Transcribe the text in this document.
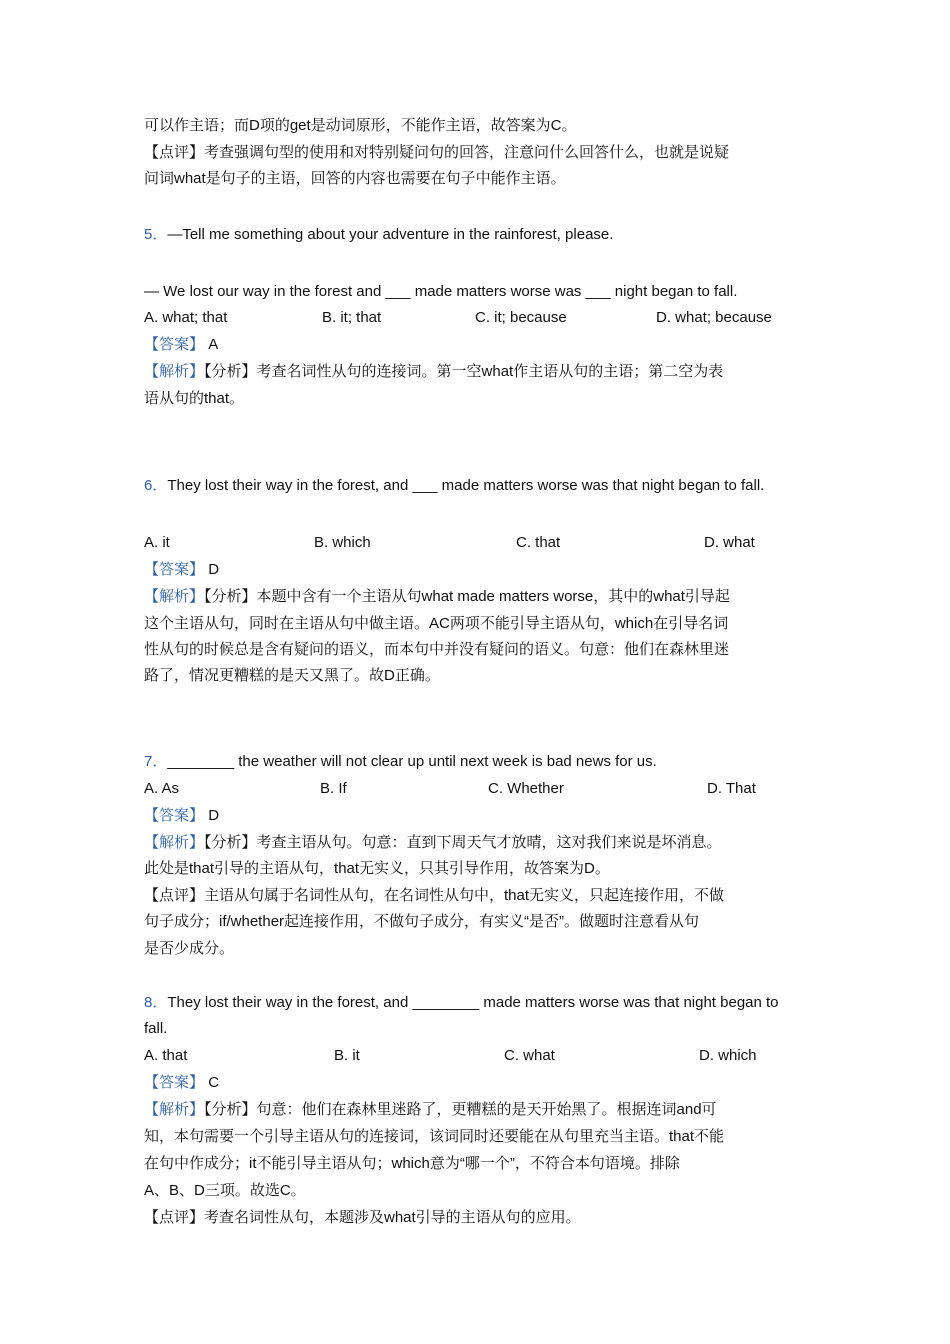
可以作主语；而D项的get是动词原形，不能作主语，故答案为C。
【点评】考查强调句型的使用和对特别疑问句的回答，注意问什么回答什么，也就是说疑
问词what是句子的主语，回答的内容也需要在句子中能作主语。
5．—Tell me something about your adventure in the rainforest, please.
— We lost our way in the forest and ___ made matters worse was ___ night began to fall.
A. what; that	B. it; that	C. it; because	D. what; because
【答案】 A
【解析】【分析】考查名词性从句的连接词。第一空what作主语从句的主语；第二空为表
语从句的that。
6．They lost their way in the forest, and ___ made matters worse was that night began to fall.
A. it	B. which	C. that	D. what
【答案】 D
【解析】【分析】本题中含有一个主语从句what made matters worse，其中的what引导起
这个主语从句，同时在主语从句中做主语。AC两项不能引导主语从句，which在引导名词
性从句的时候总是含有疑问的语义，而本句中并没有疑问的语义。句意：他们在森林里迷
路了，情况更糟糕的是天又黑了。故D正确。
7．________ the weather will not clear up until next week is bad news for us.
A. As	B. If	C. Whether	D. That
【答案】 D
【解析】【分析】考查主语从句。句意：直到下周天气才放晴，这对我们来说是坏消息。
此处是that引导的主语从句，that无实义，只其引导作用，故答案为D。
【点评】主语从句属于名词性从句，在名词性从句中，that无实义，只起连接作用，不做
句子成分；if/whether起连接作用，不做句子成分，有实义“是否”。做题时注意看从句
是否少成分。
8．They lost their way in the forest, and ________ made matters worse was that night began to
fall.
A. that	B. it	C. what	D. which
【答案】 C
【解析】【分析】句意：他们在森林里迷路了，更糟糕的是天开始黑了。根据连词and可
知，本句需要一个引导主语从句的连接词，该词同时还要能在从句里充当主语。that不能
在句中作成分；it不能引导主语从句；which意为“哪一个”，不符合本句语境。排除
A、B、D三项。故选C。
【点评】考查名词性从句，本题涉及what引导的主语从句的应用。
